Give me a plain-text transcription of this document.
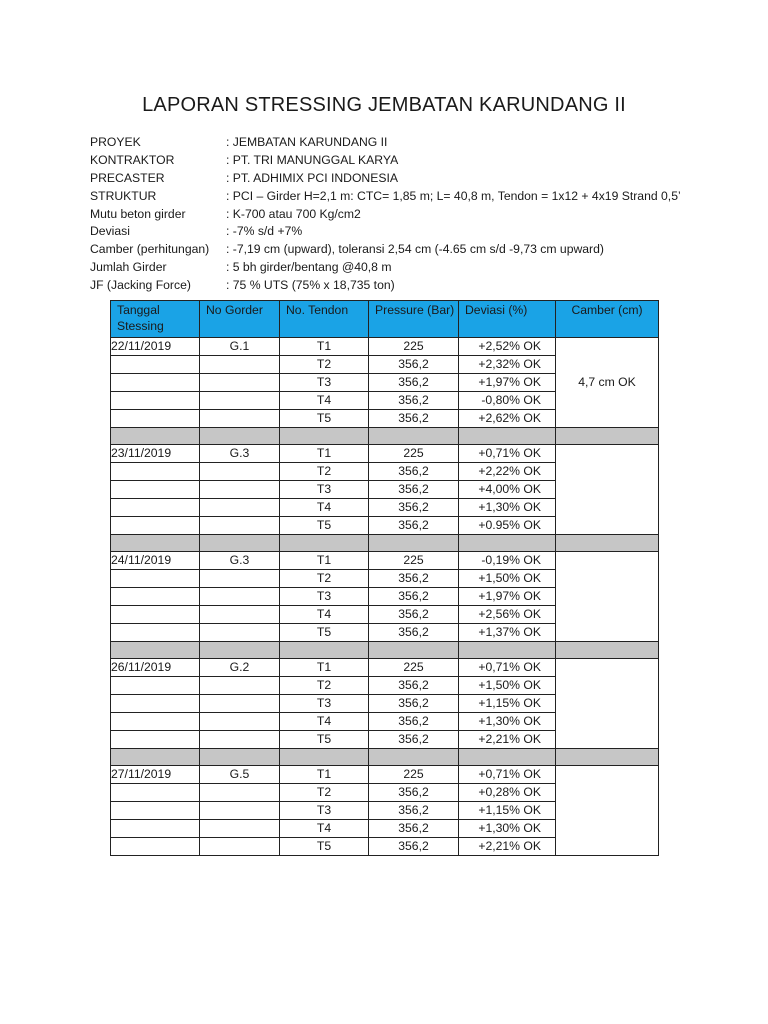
LAPORAN STRESSING JEMBATAN KARUNDANG II
PROYEK	: JEMBATAN KARUNDANG II
KONTRAKTOR	: PT. TRI MANUNGGAL KARYA
PRECASTER	: PT. ADHIMIX PCI INDONESIA
STRUKTUR	: PCI – Girder H=2,1 m: CTC= 1,85 m; L= 40,8 m, Tendon = 1x12 + 4x19 Strand 0,5’
Mutu beton girder	: K-700 atau 700 Kg/cm2
Deviasi	: -7% s/d +7%
Camber (perhitungan)	: -7,19 cm (upward), toleransi 2,54 cm (-4.65 cm s/d -9,73 cm upward)
Jumlah Girder	: 5 bh girder/bentang @40,8 m
JF (Jacking Force)	: 75 % UTS (75% x 18,735 ton)
Tanggal Stessing	No Gorder	No. Tendon	Pressure (Bar)	Deviasi (%)	Camber (cm)
22/11/2019	G.1	T1	225	+2,52% OK	4,7 cm OK
		T2	356,2	+2,32% OK	
		T3	356,2	+1,97% OK	
		T4	356,2	-0,80% OK	
		T5	356,2	+2,62% OK	

23/11/2019	G.3	T1	225	+0,71% OK	
		T2	356,2	+2,22% OK	
		T3	356,2	+4,00% OK	
		T4	356,2	+1,30% OK	
		T5	356,2	+0.95% OK	

24/11/2019	G.3	T1	225	-0,19% OK	
		T2	356,2	+1,50% OK	
		T3	356,2	+1,97% OK	
		T4	356,2	+2,56% OK	
		T5	356,2	+1,37% OK	

26/11/2019	G.2	T1	225	+0,71% OK	
		T2	356,2	+1,50% OK	
		T3	356,2	+1,15% OK	
		T4	356,2	+1,30% OK	
		T5	356,2	+2,21% OK	

27/11/2019	G.5	T1	225	+0,71% OK	
		T2	356,2	+0,28% OK	
		T3	356,2	+1,15% OK	
		T4	356,2	+1,30% OK	
		T5	356,2	+2,21% OK	
